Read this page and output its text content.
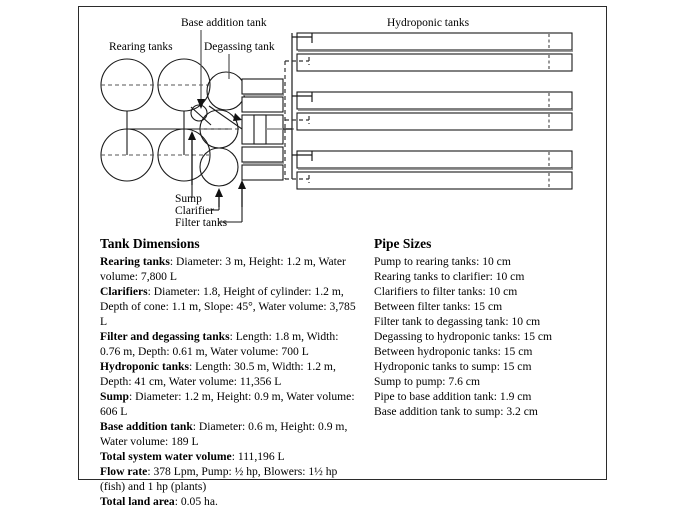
Rearing tanks
Base addition tank
Degassing tank
Hydroponic tanks
Sump
Clarifier
Filter tanks
Tank Dimensions

Rearing tanks: Diameter: 3 m, Height: 1.2 m, Water volume: 7,800 L

Clarifiers: Diameter: 1.8, Height of cylinder: 1.2 m, Depth of cone: 1.1 m, Slope: 45°, Water volume: 3,785 L

Filter and degassing tanks: Length: 1.8 m, Width: 0.76 m, Depth: 0.61 m, Water volume: 700 L

Hydroponic tanks: Length: 30.5 m, Width: 1.2 m, Depth: 41 cm, Water volume: 11,356 L

Sump: Diameter: 1.2 m, Height: 0.9 m, Water volume: 606 L

Base addition tank: Diameter: 0.6 m, Height: 0.9 m, Water volume: 189 L

Total system water volume: 111,196 L

Flow rate: 378 Lpm, Pump: ½ hp, Blowers: 1½ hp (fish) and 1 hp (plants)

Total land area: 0.05 ha.

Pipe Sizes

Pump to rearing tanks: 10 cm

Rearing tanks to clarifier: 10 cm

Clarifiers to filter tanks: 10 cm

Between filter tanks: 15 cm

Filter tank to degassing tank: 10 cm

Degassing to hydroponic tanks: 15 cm

Between hydroponic tanks: 15 cm

Hydroponic tanks to sump: 15 cm

Sump to pump: 7.6 cm

Pipe to base addition tank: 1.9 cm

Base addition tank to sump: 3.2 cm
